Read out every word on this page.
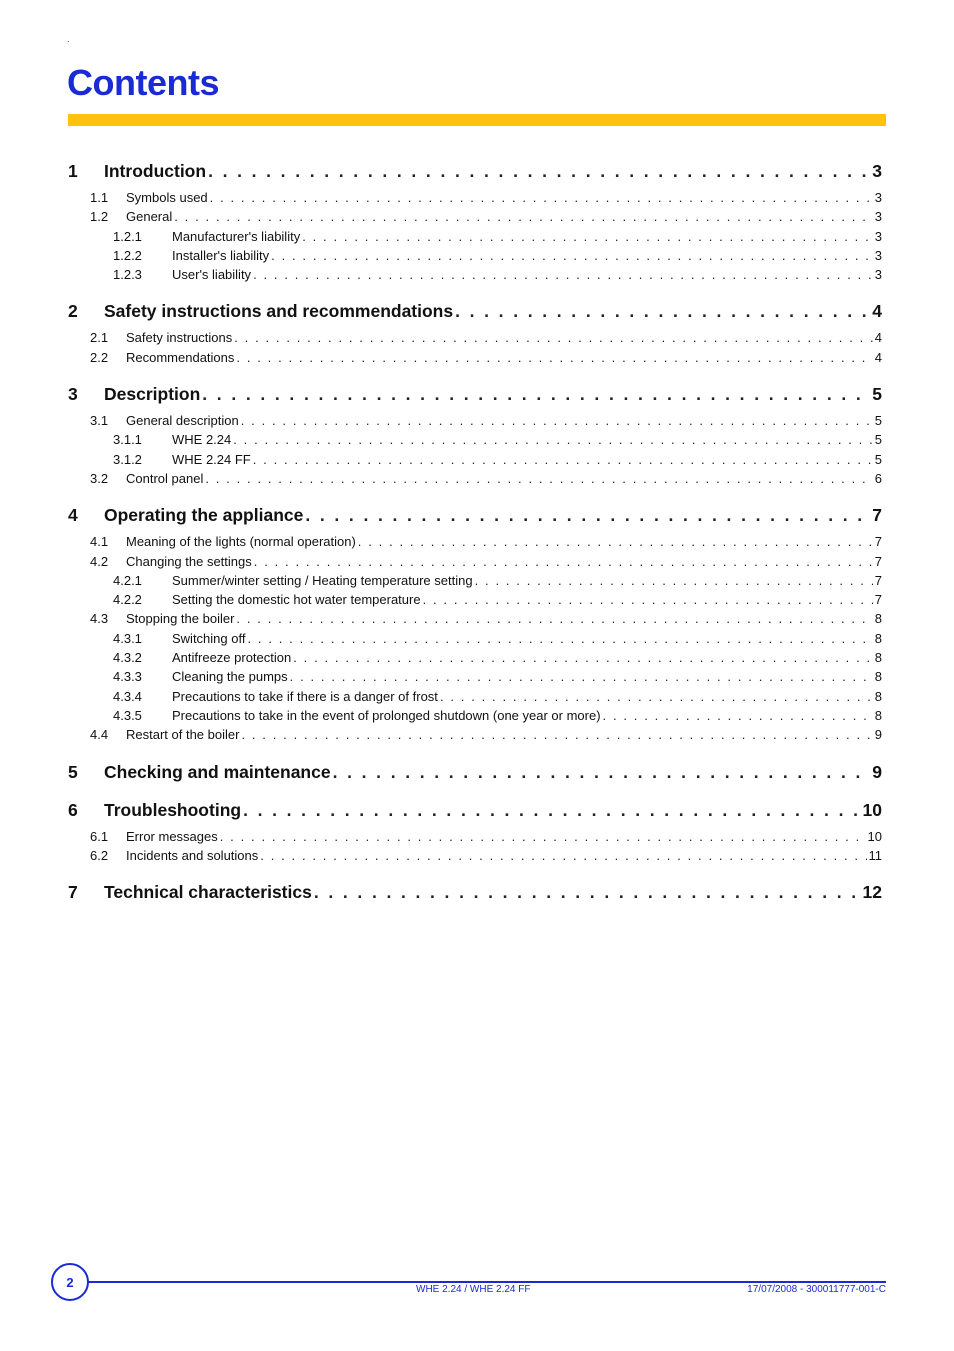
.
Contents
1	Introduction . . .	3
1.1	Symbols used . . .	3
1.2	General . . .	3
1.2.1	Manufacturer's liability . . .	3
1.2.2	Installer's liability . . .	3
1.2.3	User's liability . . .	3
2	Safety instructions and recommendations . . .	4
2.1	Safety instructions . . .	4
2.2	Recommendations . . .	4
3	Description . . .	5
3.1	General description . . .	5
3.1.1	WHE 2.24 . . .	5
3.1.2	WHE 2.24 FF . . .	5
3.2	Control panel . . .	6
4	Operating the appliance . . .	7
4.1	Meaning of the lights (normal operation) . . .	7
4.2	Changing the settings . . .	7
4.2.1	Summer/winter setting / Heating temperature setting . . .	7
4.2.2	Setting the domestic hot water temperature . . .	7
4.3	Stopping the boiler . . .	8
4.3.1	Switching off . . .	8
4.3.2	Antifreeze protection . . .	8
4.3.3	Cleaning the pumps . . .	8
4.3.4	Precautions to take if there is a danger of frost . . .	8
4.3.5	Precautions to take in the event of prolonged shutdown (one year or more) . . .	8
4.4	Restart of the boiler . . .	9
5	Checking and maintenance . . .	9
6	Troubleshooting . . .	10
6.1	Error messages . . .	10
6.2	Incidents and solutions . . .	11
7	Technical characteristics . . .	12
2	WHE 2.24 / WHE 2.24 FF	17/07/2008 - 300011777-001-C
